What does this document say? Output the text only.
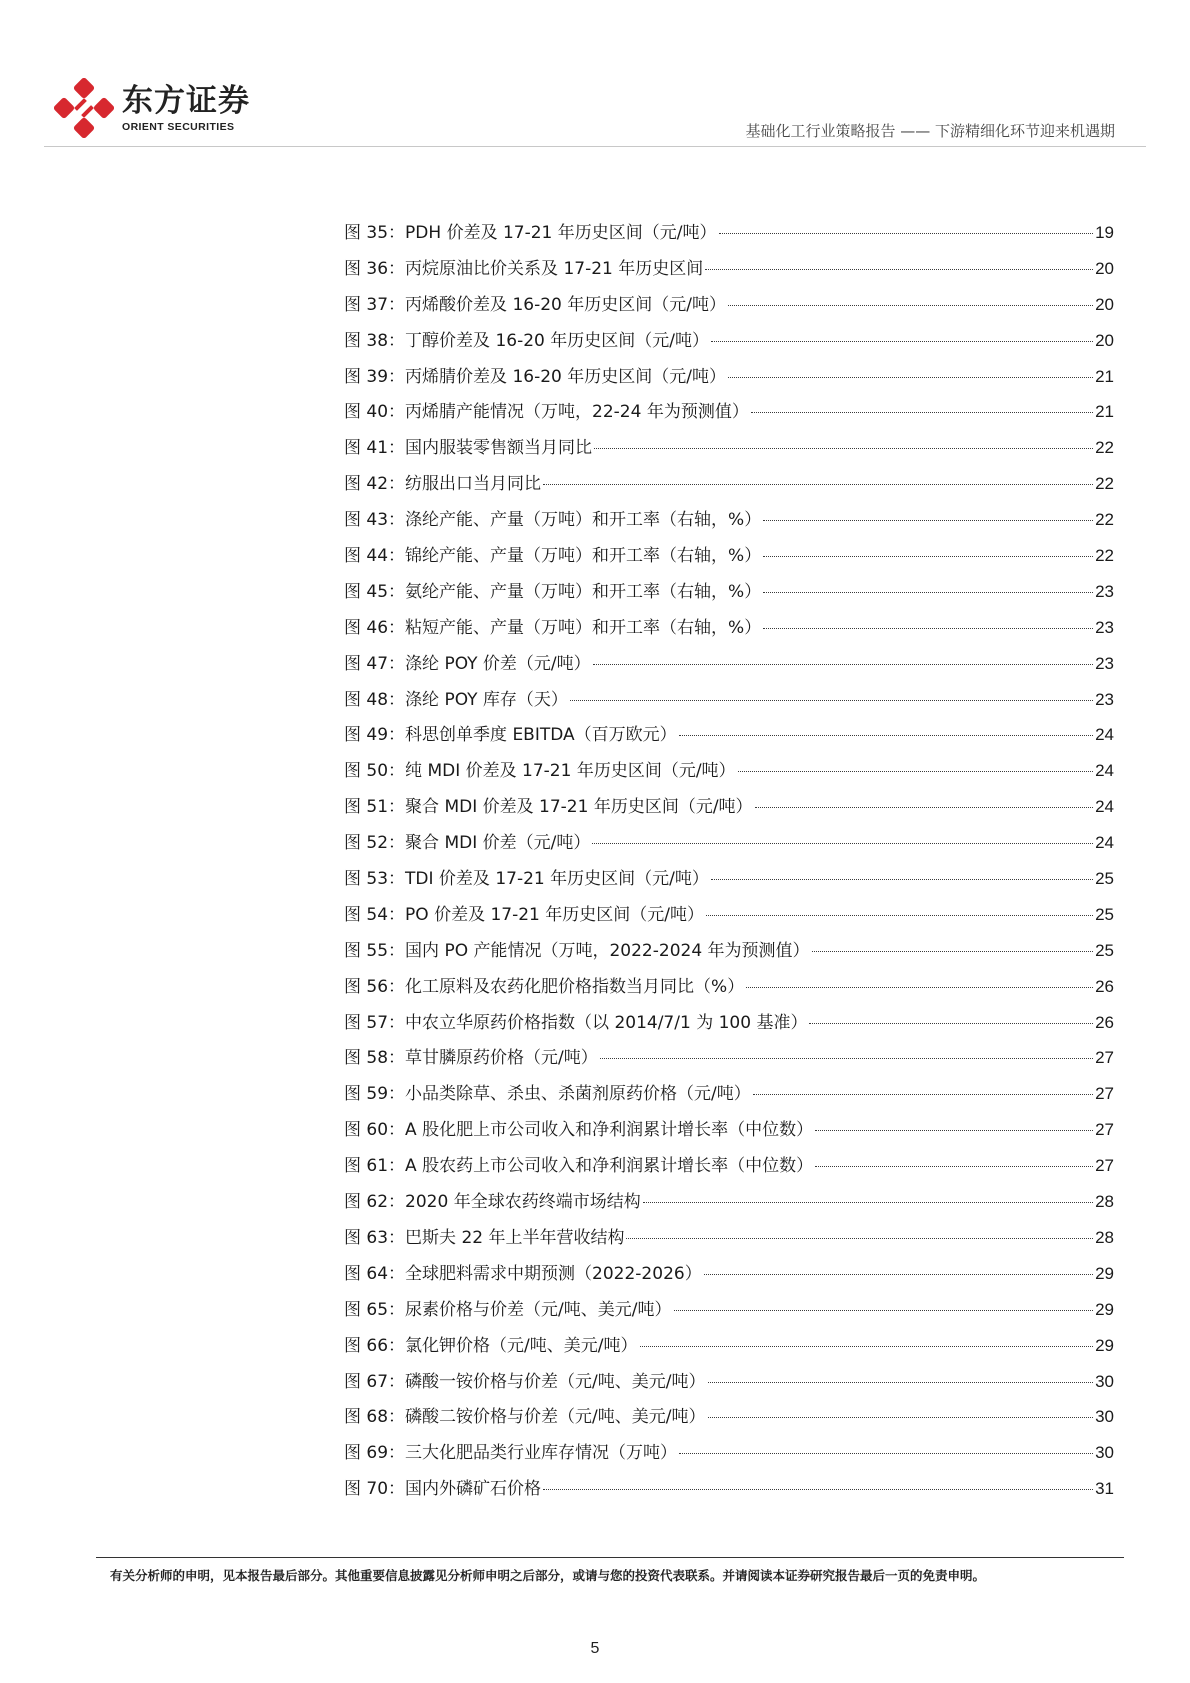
东方证券
ORIENT SECURITIES	基础化工行业策略报告 —— 下游精细化环节迎来机遇期
图 35：PDH 价差及 17-21 年历史区间（元/吨）	19
图 36：丙烷原油比价关系及 17-21 年历史区间	20
图 37：丙烯酸价差及 16-20 年历史区间（元/吨）	20
图 38：丁醇价差及 16-20 年历史区间（元/吨）	20
图 39：丙烯腈价差及 16-20 年历史区间（元/吨）	21
图 40：丙烯腈产能情况（万吨，22-24 年为预测值）	21
图 41：国内服装零售额当月同比	22
图 42：纺服出口当月同比	22
图 43：涤纶产能、产量（万吨）和开工率（右轴，%）	22
图 44：锦纶产能、产量（万吨）和开工率（右轴，%）	22
图 45：氨纶产能、产量（万吨）和开工率（右轴，%）	23
图 46：粘短产能、产量（万吨）和开工率（右轴，%）	23
图 47：涤纶 POY 价差（元/吨）	23
图 48：涤纶 POY 库存（天）	23
图 49：科思创单季度 EBITDA（百万欧元）	24
图 50：纯 MDI 价差及 17-21 年历史区间（元/吨）	24
图 51：聚合 MDI 价差及 17-21 年历史区间（元/吨）	24
图 52：聚合 MDI 价差（元/吨）	24
图 53：TDI 价差及 17-21 年历史区间（元/吨）	25
图 54：PO 价差及 17-21 年历史区间（元/吨）	25
图 55：国内 PO 产能情况（万吨，2022-2024 年为预测值）	25
图 56：化工原料及农药化肥价格指数当月同比（%）	26
图 57：中农立华原药价格指数（以 2014/7/1 为 100 基准）	26
图 58：草甘膦原药价格（元/吨）	27
图 59：小品类除草、杀虫、杀菌剂原药价格（元/吨）	27
图 60：A 股化肥上市公司收入和净利润累计增长率（中位数）	27
图 61：A 股农药上市公司收入和净利润累计增长率（中位数）	27
图 62：2020 年全球农药终端市场结构	28
图 63：巴斯夫 22 年上半年营收结构	28
图 64：全球肥料需求中期预测（2022-2026）	29
图 65：尿素价格与价差（元/吨、美元/吨）	29
图 66：氯化钾价格（元/吨、美元/吨）	29
图 67：磷酸一铵价格与价差（元/吨、美元/吨）	30
图 68：磷酸二铵价格与价差（元/吨、美元/吨）	30
图 69：三大化肥品类行业库存情况（万吨）	30
图 70：国内外磷矿石价格	31
有关分析师的申明，见本报告最后部分。其他重要信息披露见分析师申明之后部分，或请与您的投资代表联系。并请阅读本证券研究报告最后一页的免责申明。
5
